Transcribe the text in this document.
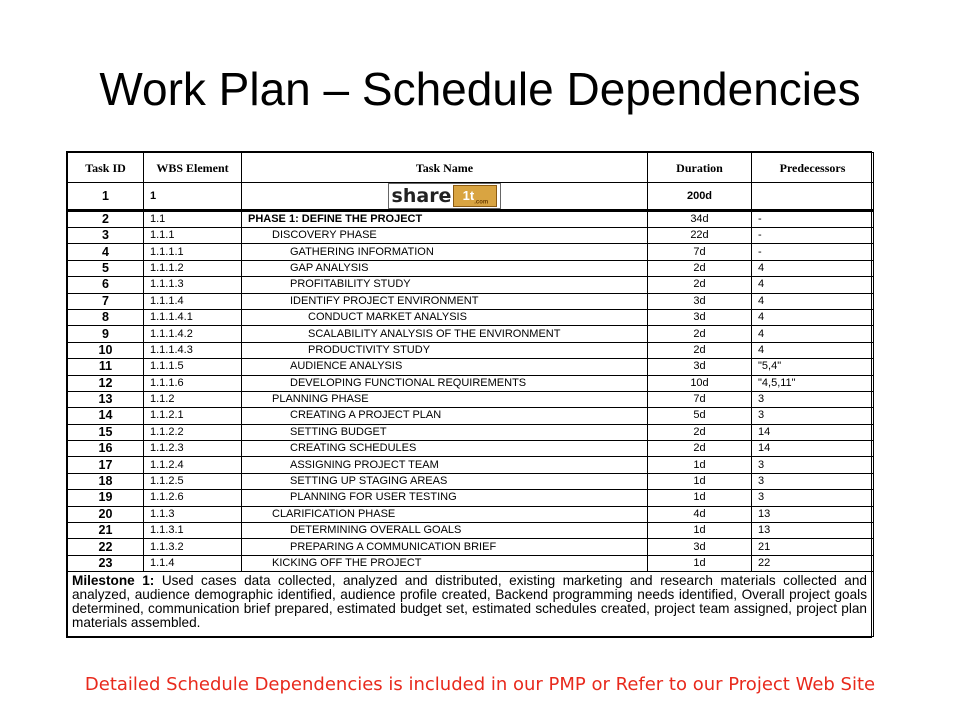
Work Plan – Schedule Dependencies
Task ID	WBS Element	Task Name	Duration	Predecessors
1	1	share $1t_{.com}$	200d	
2	1.1	PHASE 1: DEFINE THE PROJECT	34d	-
3	1.1.1	DISCOVERY PHASE	22d	-
4	1.1.1.1	GATHERING INFORMATION	7d	-
5	1.1.1.2	GAP ANALYSIS	2d	4
6	1.1.1.3	PROFITABILITY STUDY	2d	4
7	1.1.1.4	IDENTIFY PROJECT ENVIRONMENT	3d	4
8	1.1.1.4.1	CONDUCT MARKET ANALYSIS	3d	4
9	1.1.1.4.2	SCALABILITY ANALYSIS OF THE ENVIRONMENT	2d	4
10	1.1.1.4.3	PRODUCTIVITY STUDY	2d	4
11	1.1.1.5	AUDIENCE ANALYSIS	3d	"5,4"
12	1.1.1.6	DEVELOPING FUNCTIONAL REQUIREMENTS	10d	"4,5,11"
13	1.1.2	PLANNING PHASE	7d	3
14	1.1.2.1	CREATING A PROJECT PLAN	5d	3
15	1.1.2.2	SETTING BUDGET	2d	14
16	1.1.2.3	CREATING SCHEDULES	2d	14
17	1.1.2.4	ASSIGNING PROJECT TEAM	1d	3
18	1.1.2.5	SETTING UP STAGING AREAS	1d	3
19	1.1.2.6	PLANNING FOR USER TESTING	1d	3
20	1.1.3	CLARIFICATION PHASE	4d	13
21	1.1.3.1	DETERMINING OVERALL GOALS	1d	13
22	1.1.3.2	PREPARING A COMMUNICATION BRIEF	3d	21
23	1.1.4	KICKING OFF THE PROJECT	1d	22
Milestone 1: Used cases data collected, analyzed and distributed, existing marketing and research materials collected and analyzed, audience demographic identified, audience profile created, Backend programming needs identified, Overall project goals determined, communication brief prepared, estimated budget set, estimated schedules created, project team assigned, project plan materials assembled.				
Detailed Schedule Dependencies is included in our PMP or Refer to our Project Web Site
